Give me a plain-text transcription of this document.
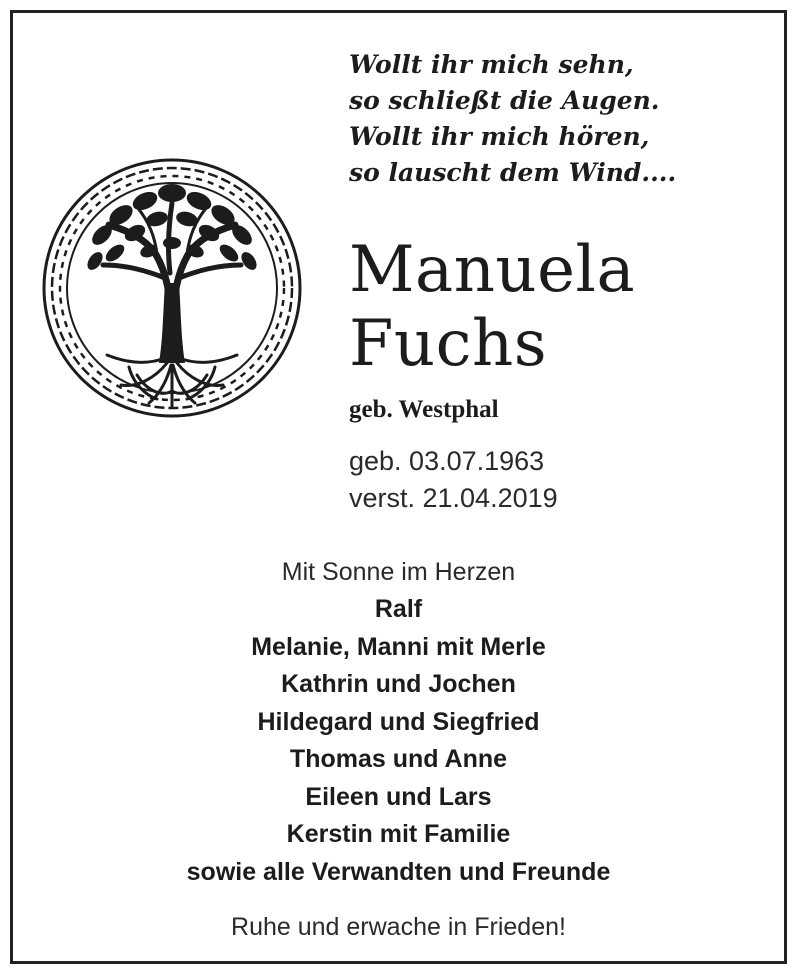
Wollt ihr mich sehn,
so schließt die Augen.
Wollt ihr mich hören,
so lauscht dem Wind....
Manuela
Fuchs
geb. Westphal
geb. 03.07.1963
verst. 21.04.2019
Mit Sonne im Herzen
Ralf
Melanie, Manni mit Merle
Kathrin und Jochen
Hildegard und Siegfried
Thomas und Anne
Eileen und Lars
Kerstin mit Familie
sowie alle Verwandten und Freunde
Ruhe und erwache in Frieden!
